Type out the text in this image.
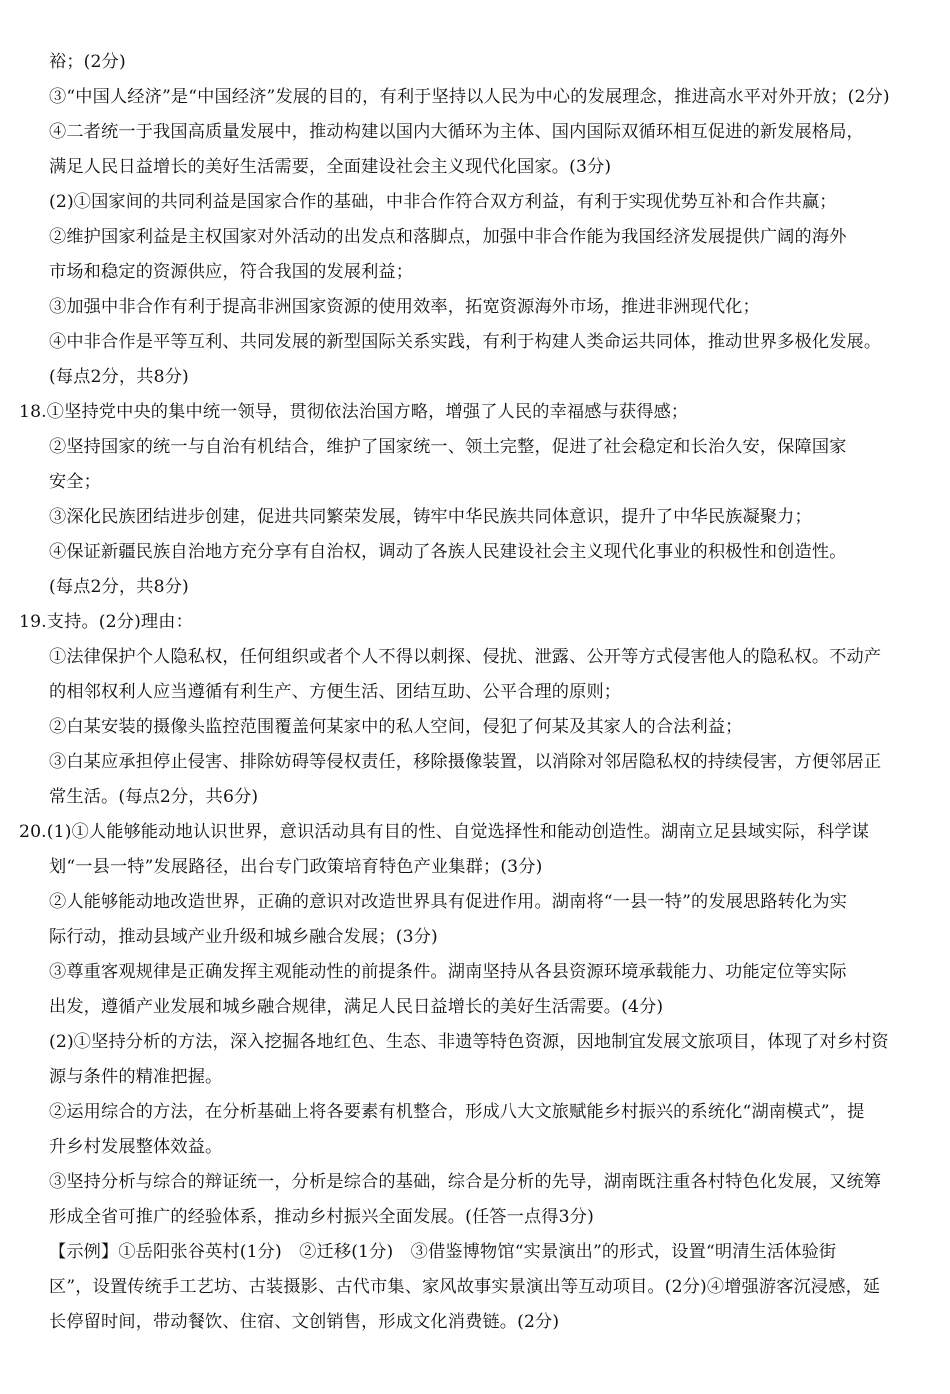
裕；(2分)
③“中国人经济”是“中国经济”发展的目的，有利于坚持以人民为中心的发展理念，推进高水平对外开放；(2分)
④二者统一于我国高质量发展中，推动构建以国内大循环为主体、国内国际双循环相互促进的新发展格局，
满足人民日益增长的美好生活需要，全面建设社会主义现代化国家。(3分)
(2)①国家间的共同利益是国家合作的基础，中非合作符合双方利益，有利于实现优势互补和合作共赢；
②维护国家利益是主权国家对外活动的出发点和落脚点，加强中非合作能为我国经济发展提供广阔的海外
市场和稳定的资源供应，符合我国的发展利益；
③加强中非合作有利于提高非洲国家资源的使用效率，拓宽资源海外市场，推进非洲现代化；
④中非合作是平等互利、共同发展的新型国际关系实践，有利于构建人类命运共同体，推动世界多极化发展。
(每点2分，共8分)
18.①坚持党中央的集中统一领导，贯彻依法治国方略，增强了人民的幸福感与获得感；
②坚持国家的统一与自治有机结合，维护了国家统一、领土完整，促进了社会稳定和长治久安，保障国家
安全；
③深化民族团结进步创建，促进共同繁荣发展，铸牢中华民族共同体意识，提升了中华民族凝聚力；
④保证新疆民族自治地方充分享有自治权，调动了各族人民建设社会主义现代化事业的积极性和创造性。
(每点2分，共8分)
19.支持。(2分)理由：
①法律保护个人隐私权，任何组织或者个人不得以刺探、侵扰、泄露、公开等方式侵害他人的隐私权。不动产
的相邻权利人应当遵循有利生产、方便生活、团结互助、公平合理的原则；
②白某安装的摄像头监控范围覆盖何某家中的私人空间，侵犯了何某及其家人的合法利益；
③白某应承担停止侵害、排除妨碍等侵权责任，移除摄像装置，以消除对邻居隐私权的持续侵害，方便邻居正
常生活。(每点2分，共6分)
20.(1)①人能够能动地认识世界，意识活动具有目的性、自觉选择性和能动创造性。湖南立足县域实际，科学谋
划“一县一特”发展路径，出台专门政策培育特色产业集群；(3分)
②人能够能动地改造世界，正确的意识对改造世界具有促进作用。湖南将“一县一特”的发展思路转化为实
际行动，推动县域产业升级和城乡融合发展；(3分)
③尊重客观规律是正确发挥主观能动性的前提条件。湖南坚持从各县资源环境承载能力、功能定位等实际
出发，遵循产业发展和城乡融合规律，满足人民日益增长的美好生活需要。(4分)
(2)①坚持分析的方法，深入挖掘各地红色、生态、非遗等特色资源，因地制宜发展文旅项目，体现了对乡村资
源与条件的精准把握。
②运用综合的方法，在分析基础上将各要素有机整合，形成八大文旅赋能乡村振兴的系统化“湖南模式”，提
升乡村发展整体效益。
③坚持分析与综合的辩证统一，分析是综合的基础，综合是分析的先导，湖南既注重各村特色化发展，又统筹
形成全省可推广的经验体系，推动乡村振兴全面发展。(任答一点得3分)
【示例】①岳阳张谷英村(1分)　②迁移(1分)　③借鉴博物馆“实景演出”的形式，设置“明清生活体验街
区”，设置传统手工艺坊、古装摄影、古代市集、家风故事实景演出等互动项目。(2分)④增强游客沉浸感，延
长停留时间，带动餐饮、住宿、文创销售，形成文化消费链。(2分)
